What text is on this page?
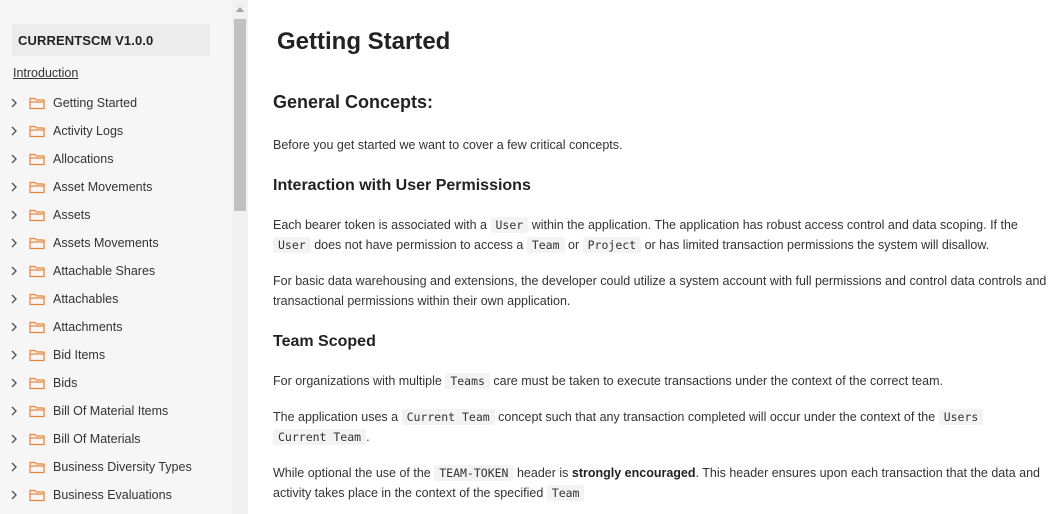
CURRENTSCM V1.0.0
Introduction
Getting Started
Activity Logs
Allocations
Asset Movements
Assets
Assets Movements
Attachable Shares
Attachables
Attachments
Bid Items
Bids
Bill Of Material Items
Bill Of Materials
Business Diversity Types
Business Evaluations
Getting Started
General Concepts:

Before you get started we want to cover a few critical concepts.

Interaction with User Permissions

Each bearer token is associated with a User within the application. The application has robust access control and data scoping. If the User does not have permission to access a Team or Project or has limited transaction permissions the system will disallow.

For basic data warehousing and extensions, the developer could utilize a system account with full permissions and control data controls and transactional permissions within their own application.

Team Scoped

For organizations with multiple Teams care must be taken to execute transactions under the context of the correct team.

The application uses a Current Team concept such that any transaction completed will occur under the context of the Users
Current Team .

While optional the use of the TEAM-TOKEN header is strongly encouraged. This header ensures upon each transaction that the data and activity takes place in the context of the specified Team
